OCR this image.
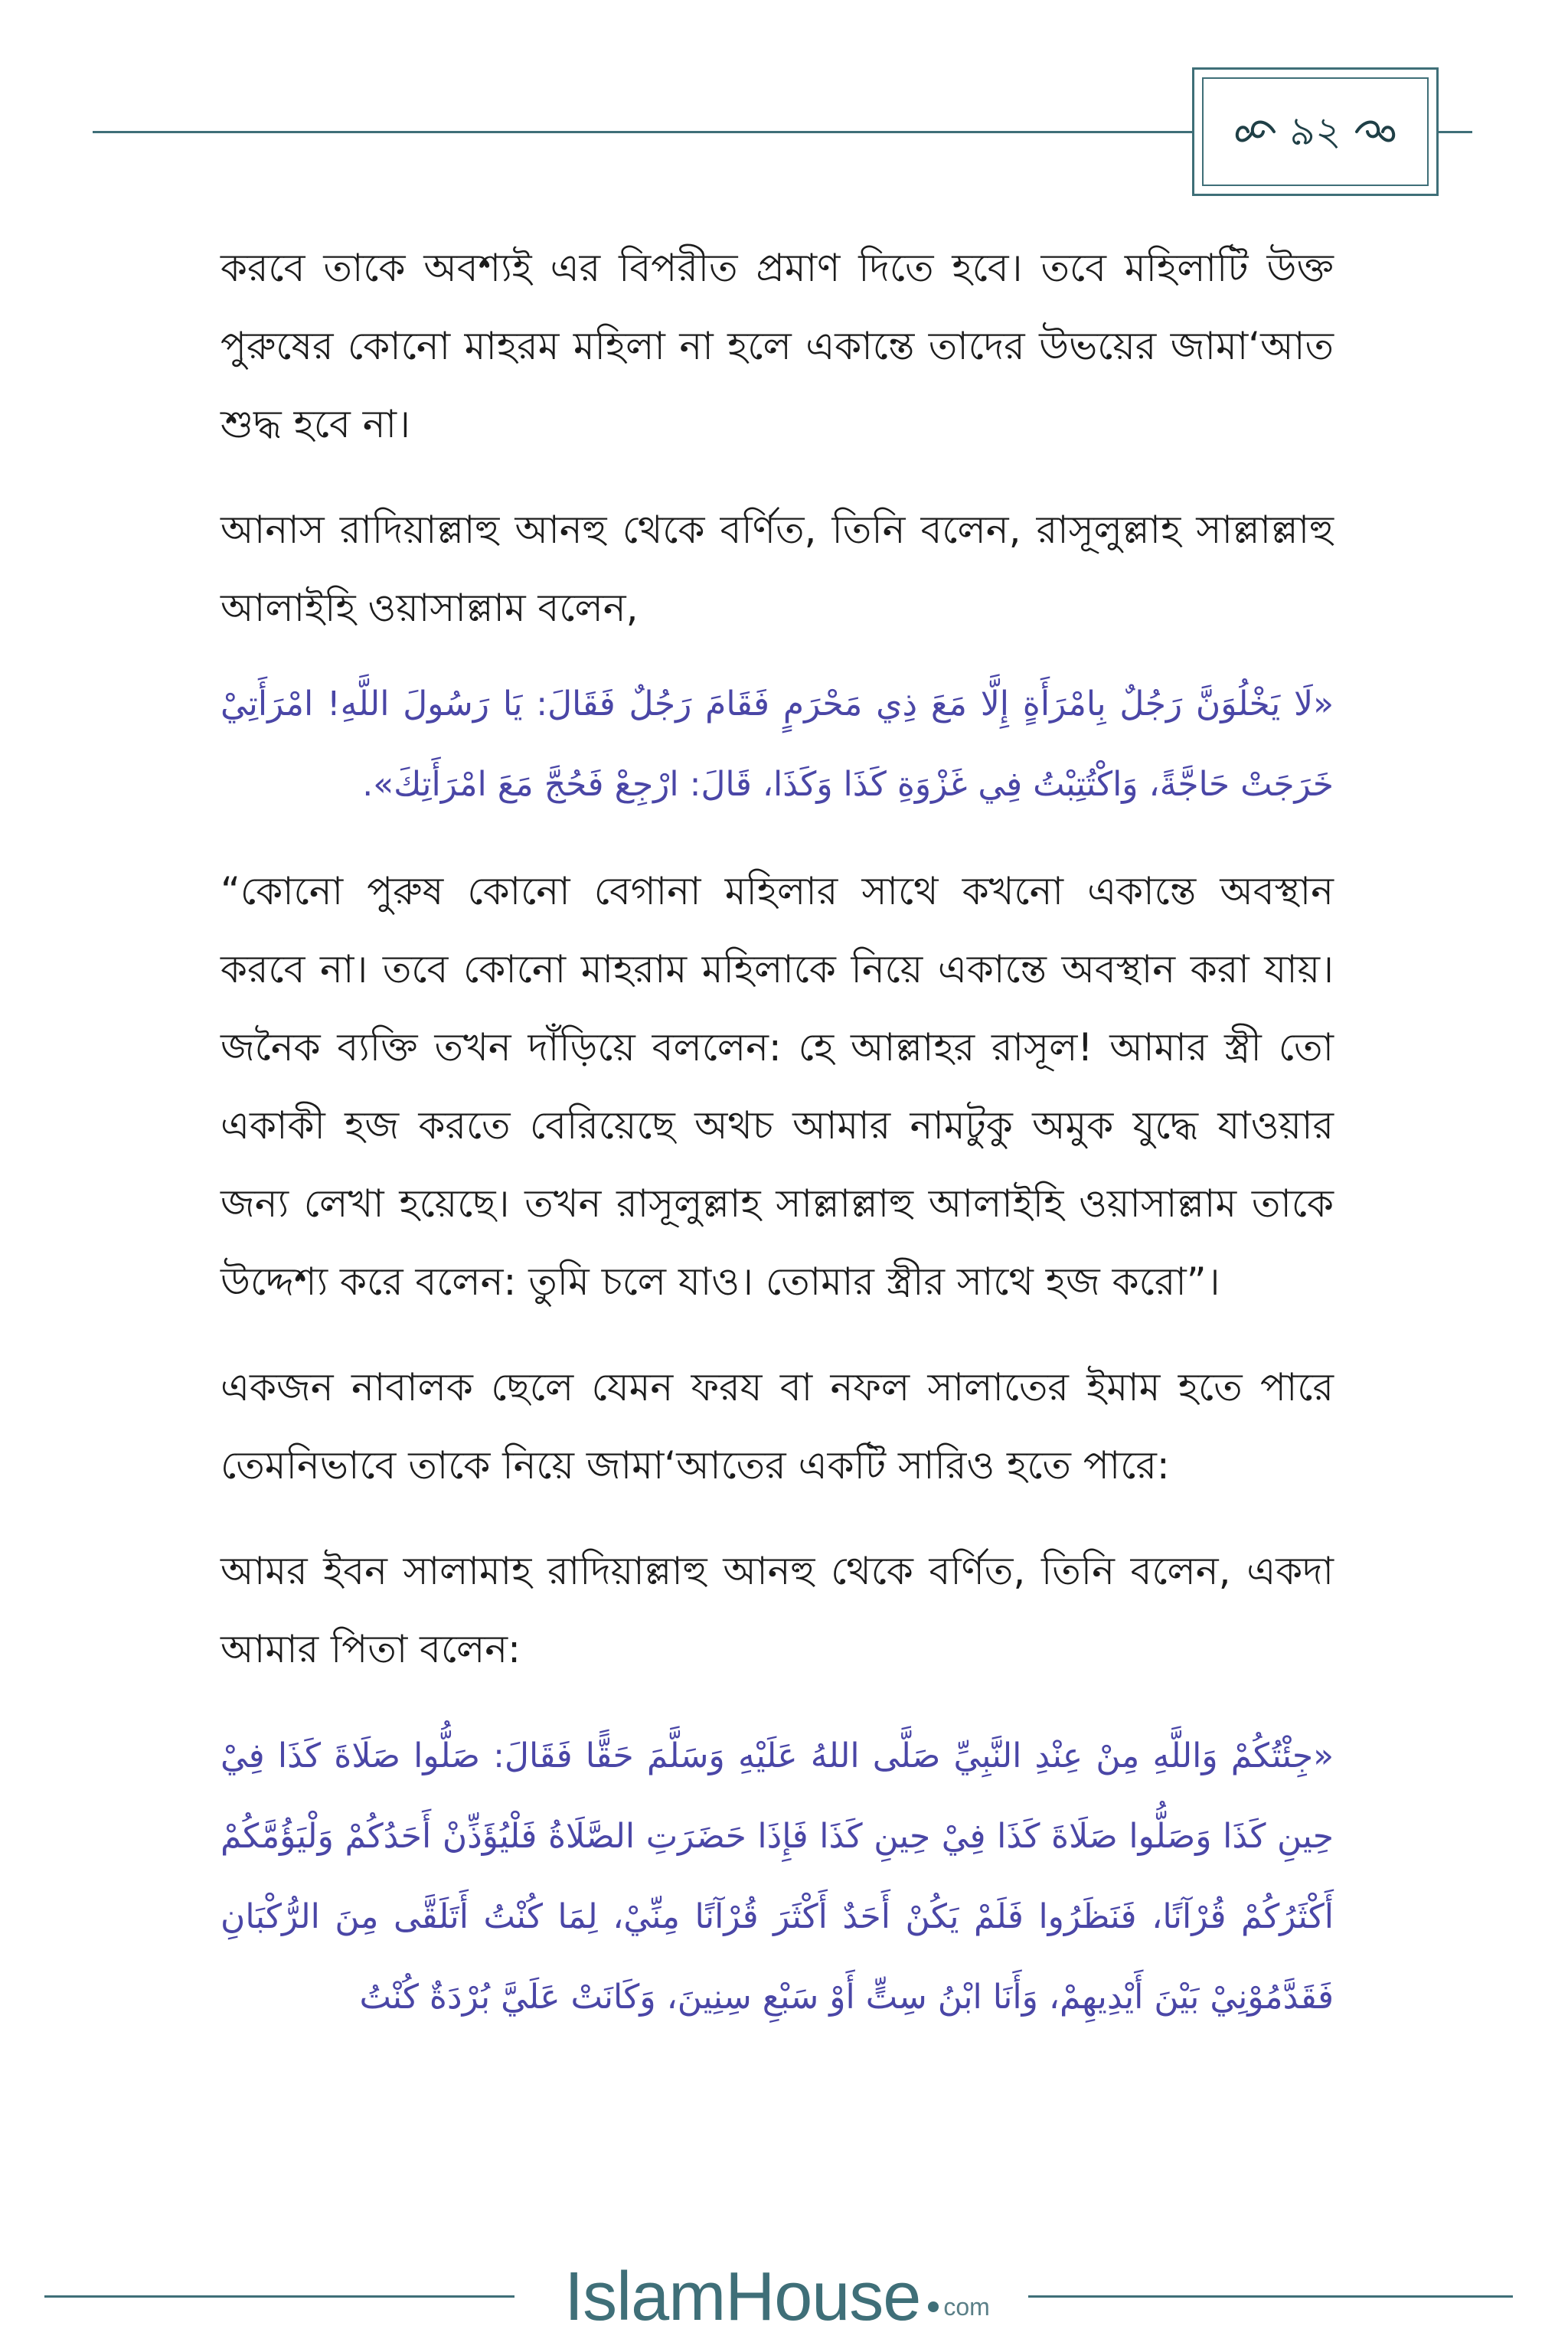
৯২

করবে তাকে অবশ্যই এর বিপরীত প্রমাণ দিতে হবে। তবে মহিলাটি উক্ত পুরুষের কোনো মাহরম মহিলা না হলে একান্তে তাদের উভয়ের জামা‘আত শুদ্ধ হবে না।

আনাস রাদিয়াল্লাহু আনহু থেকে বর্ণিত, তিনি বলেন, রাসূলুল্লাহ সাল্লাল্লাহু আলাইহি ওয়াসাল্লাম বলেন,

«لَا يَخْلُوَنَّ رَجُلٌ بِامْرَأَةٍ إِلَّا مَعَ ذِي مَحْرَمٍ فَقَامَ رَجُلٌ فَقَالَ: يَا رَسُولَ اللَّهِ! امْرَأَتِيْ خَرَجَتْ حَاجَّةً، وَاكْتُتِبْتُ فِي غَزْوَةِ كَذَا وَكَذَا، قَالَ: ارْجِعْ فَحُجَّ مَعَ امْرَأَتِكَ».

“কোনো পুরুষ কোনো বেগানা মহিলার সাথে কখনো একান্তে অবস্থান করবে না। তবে কোনো মাহরাম মহিলাকে নিয়ে একান্তে অবস্থান করা যায়। জনৈক ব্যক্তি তখন দাঁড়িয়ে বললেন: হে আল্লাহর রাসূল! আমার স্ত্রী তো একাকী হজ করতে বেরিয়েছে অথচ আমার নামটুকু অমুক যুদ্ধে যাওয়ার জন্য লেখা হয়েছে। তখন রাসূলুল্লাহ সাল্লাল্লাহু আলাইহি ওয়াসাল্লাম তাকে উদ্দেশ্য করে বলেন: তুমি চলে যাও। তোমার স্ত্রীর সাথে হজ করো”।

একজন নাবালক ছেলে যেমন ফরয বা নফল সালাতের ইমাম হতে পারে তেমনিভাবে তাকে নিয়ে জামা‘আতের একটি সারিও হতে পারে:

আমর ইবন সালামাহ রাদিয়াল্লাহু আনহু থেকে বর্ণিত, তিনি বলেন, একদা আমার পিতা বলেন:

«جِئْتُكُمْ وَاللَّهِ مِنْ عِنْدِ النَّبِيِّ صَلَّى اللهُ عَلَيْهِ وَسَلَّمَ حَقًّا فَقَالَ: صَلُّوا صَلَاةَ كَذَا فِيْ حِينِ كَذَا وَصَلُّوا صَلَاةَ كَذَا فِيْ حِينِ كَذَا فَإِذَا حَضَرَتِ الصَّلَاةُ فَلْيُؤَذِّنْ أَحَدُكُمْ وَلْيَؤُمَّكُمْ أَكْثَرُكُمْ قُرْآنًا، فَنَظَرُوا فَلَمْ يَكُنْ أَحَدٌ أَكْثَرَ قُرْآنًا مِنِّيْ، لِمَا كُنْتُ أَتَلَقَّى مِنَ الرُّكْبَانِ فَقَدَّمُوْنِيْ بَيْنَ أَيْدِيهِمْ، وَأَنَا ابْنُ سِتٍّ أَوْ سَبْعِ سِنِينَ، وَكَانَتْ عَلَيَّ بُرْدَةٌ كُنْتُ

IslamHouse com
